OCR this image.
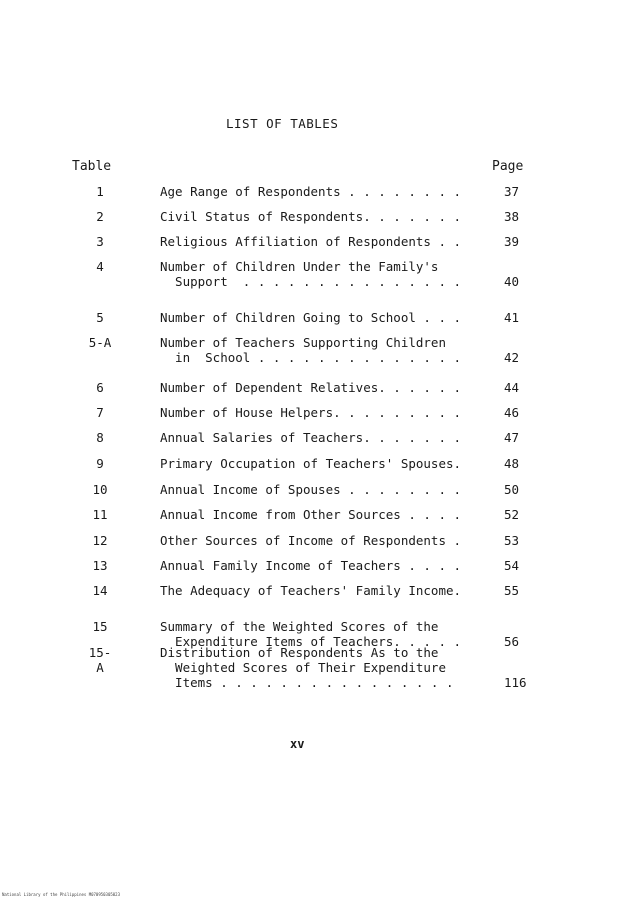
LIST OF TABLES
Table	Page
1	Age Range of Respondents . . . . . . . .	37
2	Civil Status of Respondents. . . . . . .	38
3	Religious Affiliation of Respondents . .	39
4	Number of Children Under the Family's
Support  . . . . . . . . . . . . . . .	40
5	Number of Children Going to School . . .	41
5-A	Number of Teachers Supporting Children
in  School . . . . . . . . . . . . . .	42
6	Number of Dependent Relatives. . . . . .	44
7	Number of House Helpers. . . . . . . . .	46
8	Annual Salaries of Teachers. . . . . . .	47
9	Primary Occupation of Teachers' Spouses.	48
10	Annual Income of Spouses . . . . . . . .	50
11	Annual Income from Other Sources . . . .	52
12	Other Sources of Income of Respondents .	53
13	Annual Family Income of Teachers . . . .	54
14	The Adequacy of Teachers' Family Income.	55
15	Summary of the Weighted Scores of the
Expenditure Items of Teachers. . . . .	56
15-A
Distribution of Respondents As to the
Weighted Scores of Their Expenditure
Items . . . . . . . . . . . . . . . .	116
xv
National Library of the Philippines M070950305023
